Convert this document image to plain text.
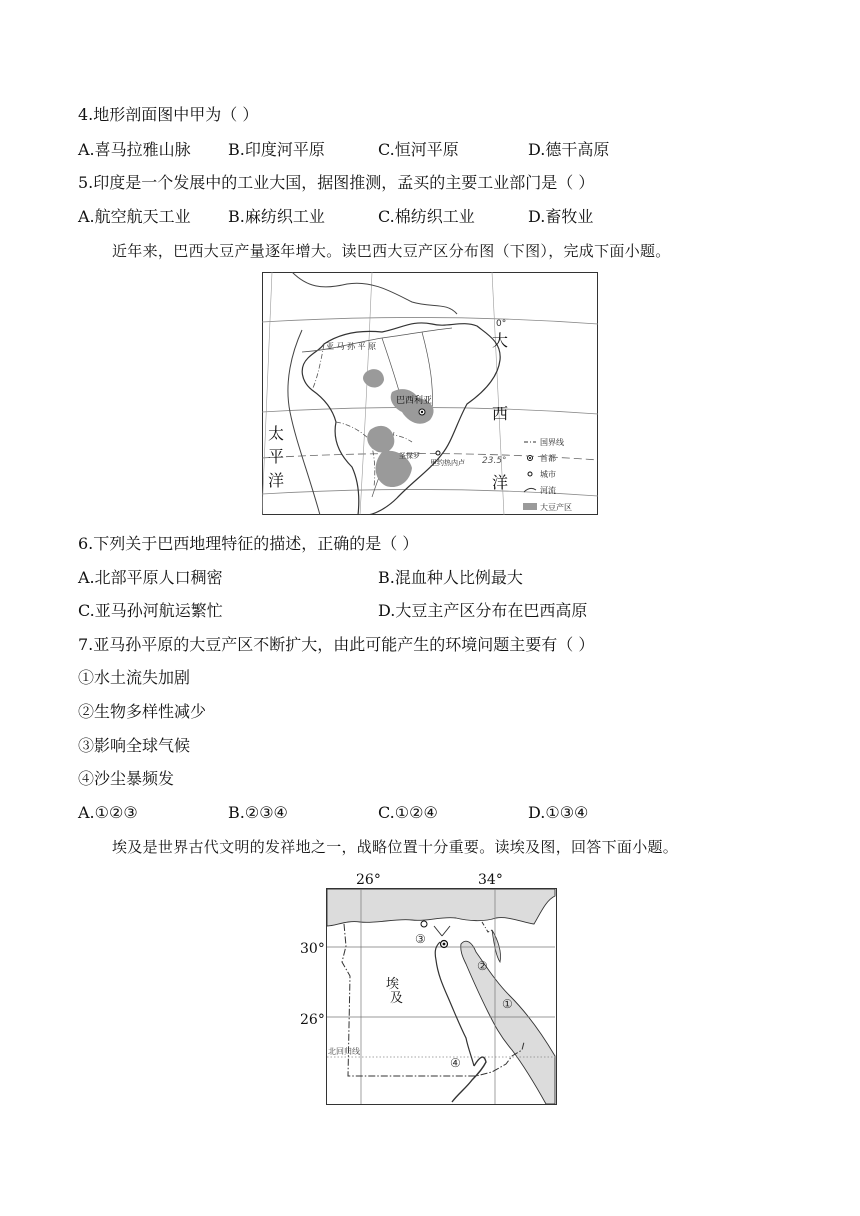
4.地形剖面图中甲为（ ）
A.喜马拉雅山脉 B.印度河平原	C.恒河平原	D.德干高原
5.印度是一个发展中的工业大国，据图推测，孟买的主要工业部门是（ ）
A.航空航天工业 B.麻纺织工业	C.棉纺织工业	D.畜牧业
近年来，巴西大豆产量逐年增大。读巴西大豆产区分布图（下图），完成下面小题。
0°
亚 马 孙 平 原
巴西利亚
圣保罗
里约热内卢 23.5°
大
西
洋
太
平
洋
国界线
首都
城市
河流
大豆产区
6.下列关于巴西地理特征的描述，正确的是（ ）
A.北部平原人口稠密	B.混血种人比例最大
C.亚马孙河航运繁忙	D.大豆主产区分布在巴西高原
7.亚马孙平原的大豆产区不断扩大，由此可能产生的环境问题主要有（ ）
①水土流失加剧
②生物多样性减少
③影响全球气候
④沙尘暴频发
A.①②③	B.②③④	C.①②④	D.①③④
埃及是世界古代文明的发祥地之一，战略位置十分重要。读埃及图，回答下面小题。
26°	34°
30°
26°
埃
及
北回归线
①
②
③
④
